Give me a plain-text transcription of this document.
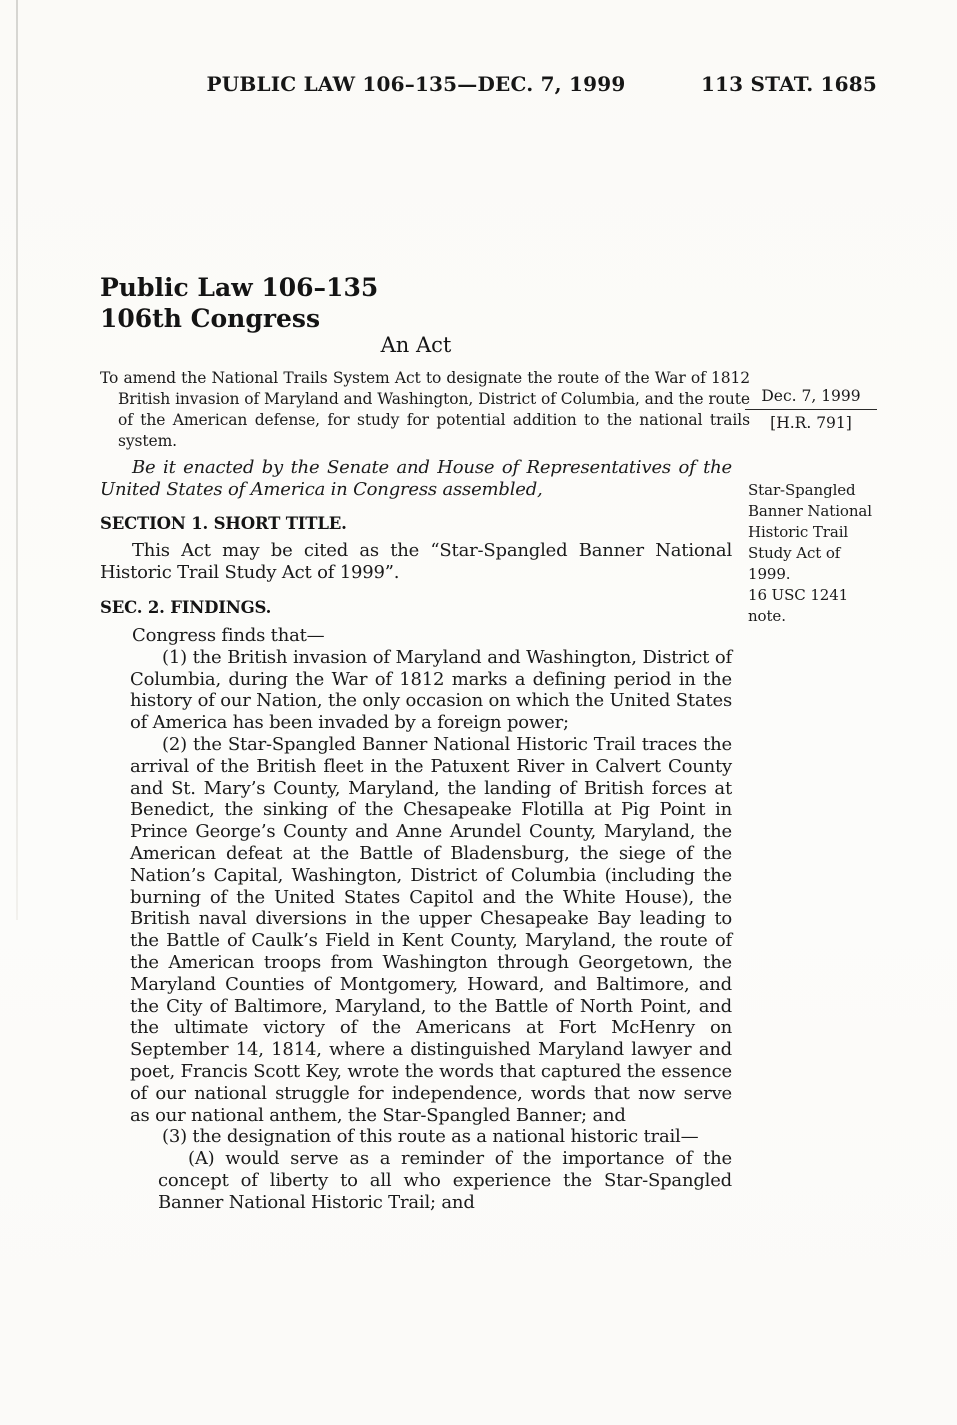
PUBLIC LAW 106–135—DEC. 7, 1999	113 STAT. 1685
Public Law 106–135
106th Congress
An Act
To amend the National Trails System Act to designate the route of the War of 1812 British invasion of Maryland and Washington, District of Columbia, and the route of the American defense, for study for potential addition to the national trails system.
Dec. 7, 1999
[H.R. 791]
Star-Spangled Banner National Historic Trail Study Act of 1999.
16 USC 1241 note.
Be it enacted by the Senate and House of Representatives of the United States of America in Congress assembled,
SECTION 1. SHORT TITLE.
This Act may be cited as the “Star-Spangled Banner National Historic Trail Study Act of 1999”.
SEC. 2. FINDINGS.

Congress finds that—

(1) the British invasion of Maryland and Washington, District of Columbia, during the War of 1812 marks a defining period in the history of our Nation, the only occasion on which the United States of America has been invaded by a foreign power;

(2) the Star-Spangled Banner National Historic Trail traces the arrival of the British fleet in the Patuxent River in Calvert County and St. Mary’s County, Maryland, the landing of British forces at Benedict, the sinking of the Chesapeake Flotilla at Pig Point in Prince George’s County and Anne Arundel County, Maryland, the American defeat at the Battle of Bladensburg, the siege of the Nation’s Capital, Washington, District of Columbia (including the burning of the United States Capitol and the White House), the British naval diversions in the upper Chesapeake Bay leading to the Battle of Caulk’s Field in Kent County, Maryland, the route of the American troops from Washington through Georgetown, the Maryland Counties of Montgomery, Howard, and Baltimore, and the City of Baltimore, Maryland, to the Battle of North Point, and the ultimate victory of the Americans at Fort McHenry on September 14, 1814, where a distinguished Maryland lawyer and poet, Francis Scott Key, wrote the words that captured the essence of our national struggle for independence, words that now serve as our national anthem, the Star-Spangled Banner; and

(3) the designation of this route as a national historic trail—

(A) would serve as a reminder of the importance of the concept of liberty to all who experience the Star-Spangled Banner National Historic Trail; and
